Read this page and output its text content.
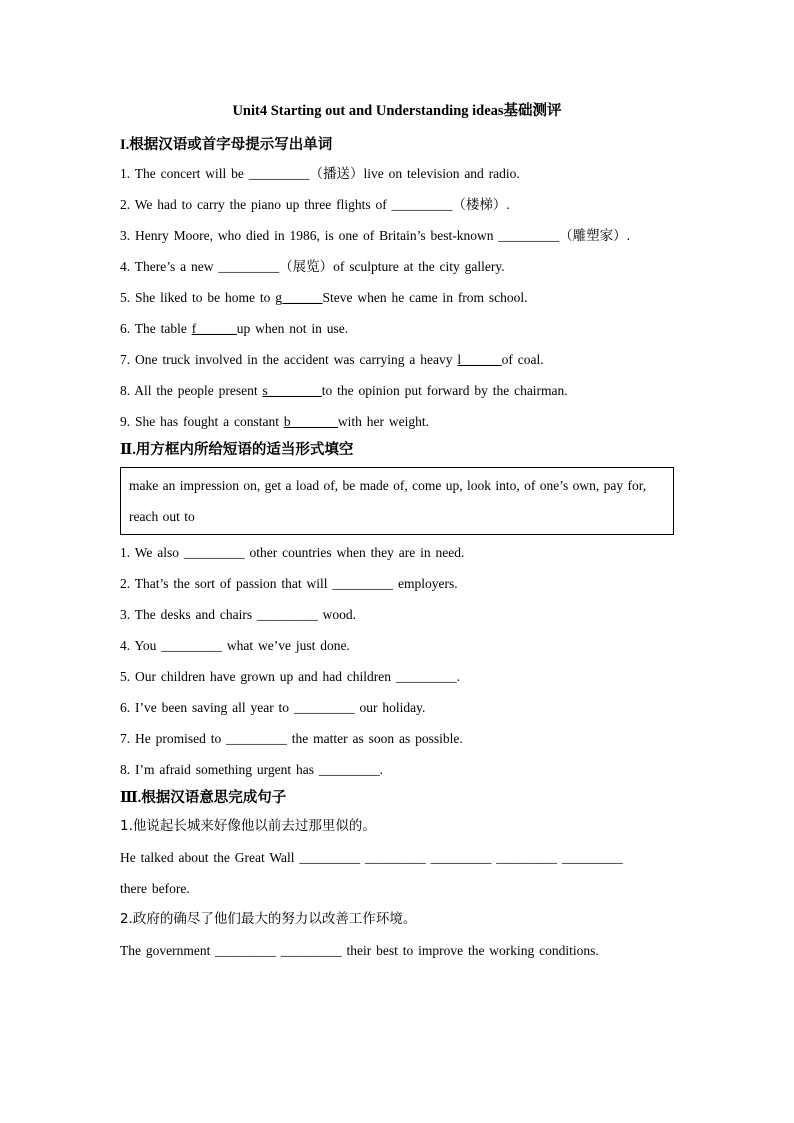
Unit4 Starting out and Understanding ideas基础测评
I.根据汉语或首字母提示写出单词
1. The concert will be _________（播送）live on television and radio.
2. We had to carry the piano up three flights of _________（楼梯）.
3. Henry Moore, who died in 1986, is one of Britain’s best-known _________（雕塑家）.
4. There’s a new _________（展览）of sculpture at the city gallery.
5. She liked to be home to g______Steve when he came in from school.
6. The table f______up when not in use.
7. One truck involved in the accident was carrying a heavy l______of coal.
8. All the people present s________to the opinion put forward by the chairman.
9. She has fought a constant b_______with her weight.
Ⅱ.用方框内所给短语的适当形式填空
make an impression on, get a load of, be made of, come up, look into, of one’s own, pay for, reach out to
1. We also _________ other countries when they are in need.
2. That’s the sort of passion that will _________ employers.
3. The desks and chairs _________ wood.
4. You _________ what we’ve just done.
5. Our children have grown up and had children _________.
6. I’ve been saving all year to _________ our holiday.
7. He promised to _________ the matter as soon as possible.
8. I’m afraid something urgent has _________.
Ⅲ.根据汉语意思完成句子
1.他说起长城来好像他以前去过那里似的。
He talked about the Great Wall _________ _________ _________ _________ _________
there before.
2.政府的确尽了他们最大的努力以改善工作环境。
The government _________ _________ their best to improve the working conditions.
